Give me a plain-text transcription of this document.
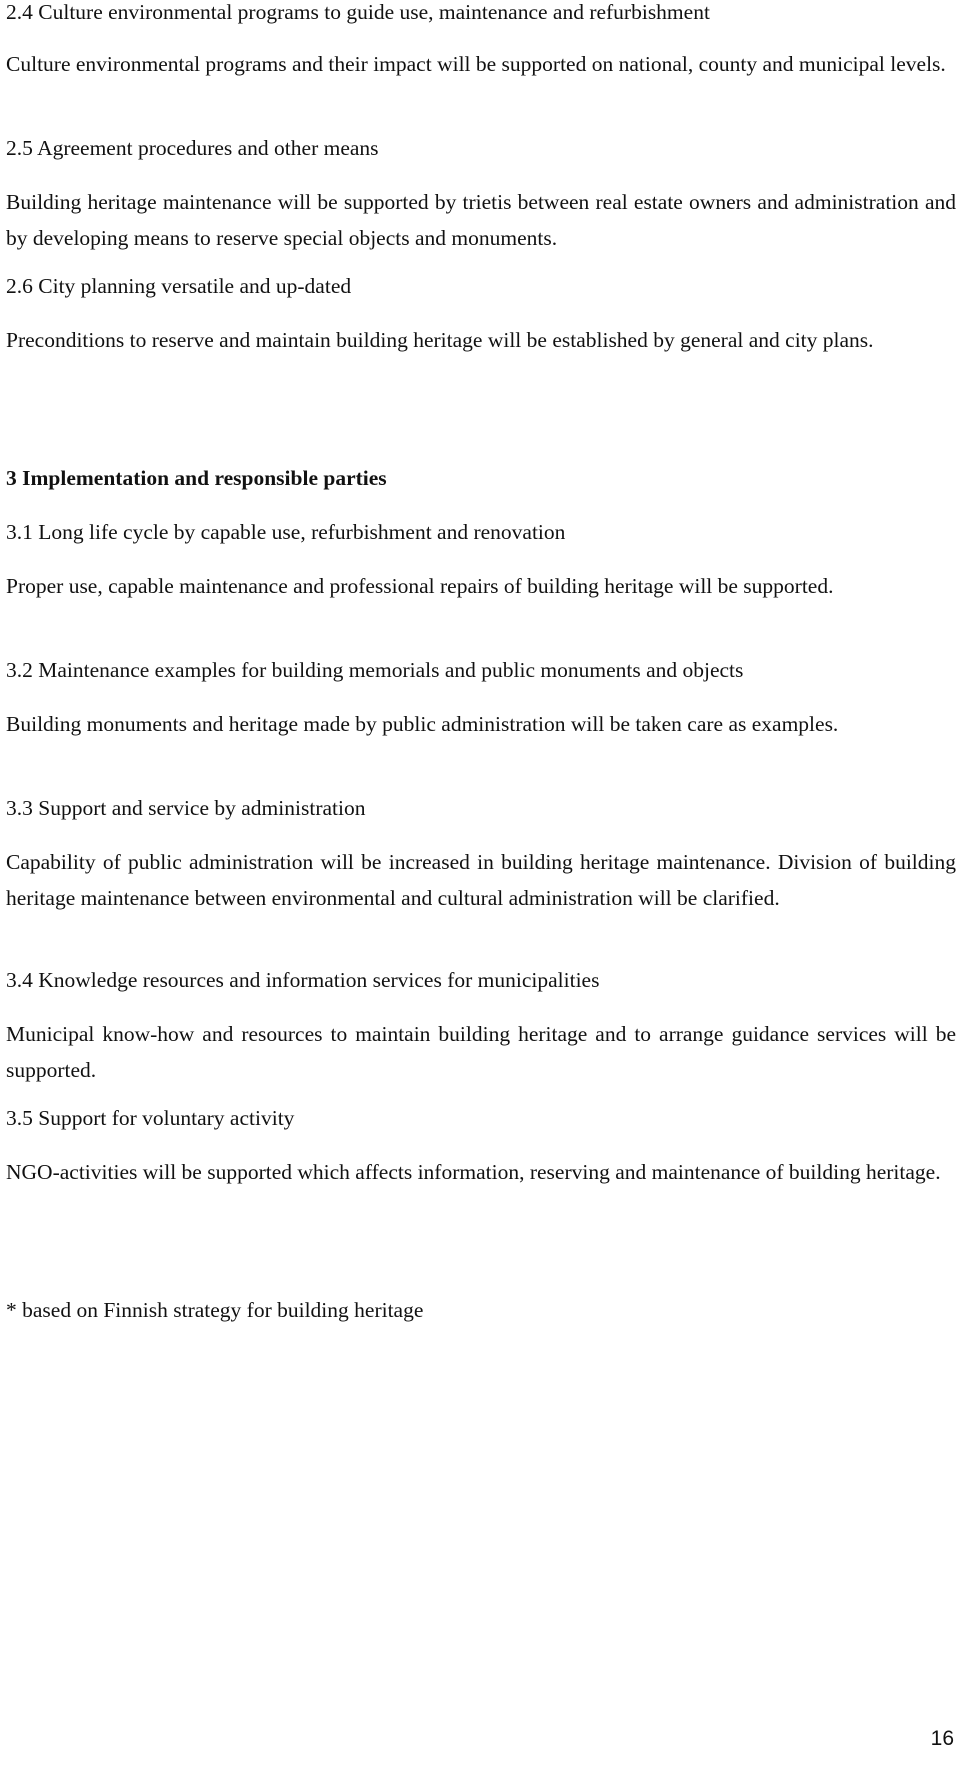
2.4 Culture environmental programs to guide use, maintenance and refurbishment
Culture environmental programs and their impact will be supported on national, county and municipal levels.
2.5 Agreement procedures and other means
Building heritage maintenance will be supported by trietis between real estate owners and administration and by developing means to reserve special objects and monuments.
2.6 City planning versatile and up-dated
Preconditions to reserve and maintain building heritage will be established by general and city plans.
3 Implementation and responsible parties
3.1 Long life cycle by capable use, refurbishment and renovation
Proper use, capable maintenance and professional repairs of building heritage will be supported.
3.2 Maintenance examples for building memorials and public monuments and objects
Building monuments and heritage made by public administration will be taken care as examples.
3.3 Support and service by administration
Capability of public administration will be increased in building heritage maintenance. Division of building heritage maintenance between environmental and cultural administration will be clarified.
3.4 Knowledge resources and information services for municipalities
Municipal know-how and resources to maintain building heritage and to arrange guidance services will be supported.
3.5 Support for voluntary activity
NGO-activities will be supported which affects information, reserving and maintenance of building heritage.
* based on Finnish strategy for building heritage
16
